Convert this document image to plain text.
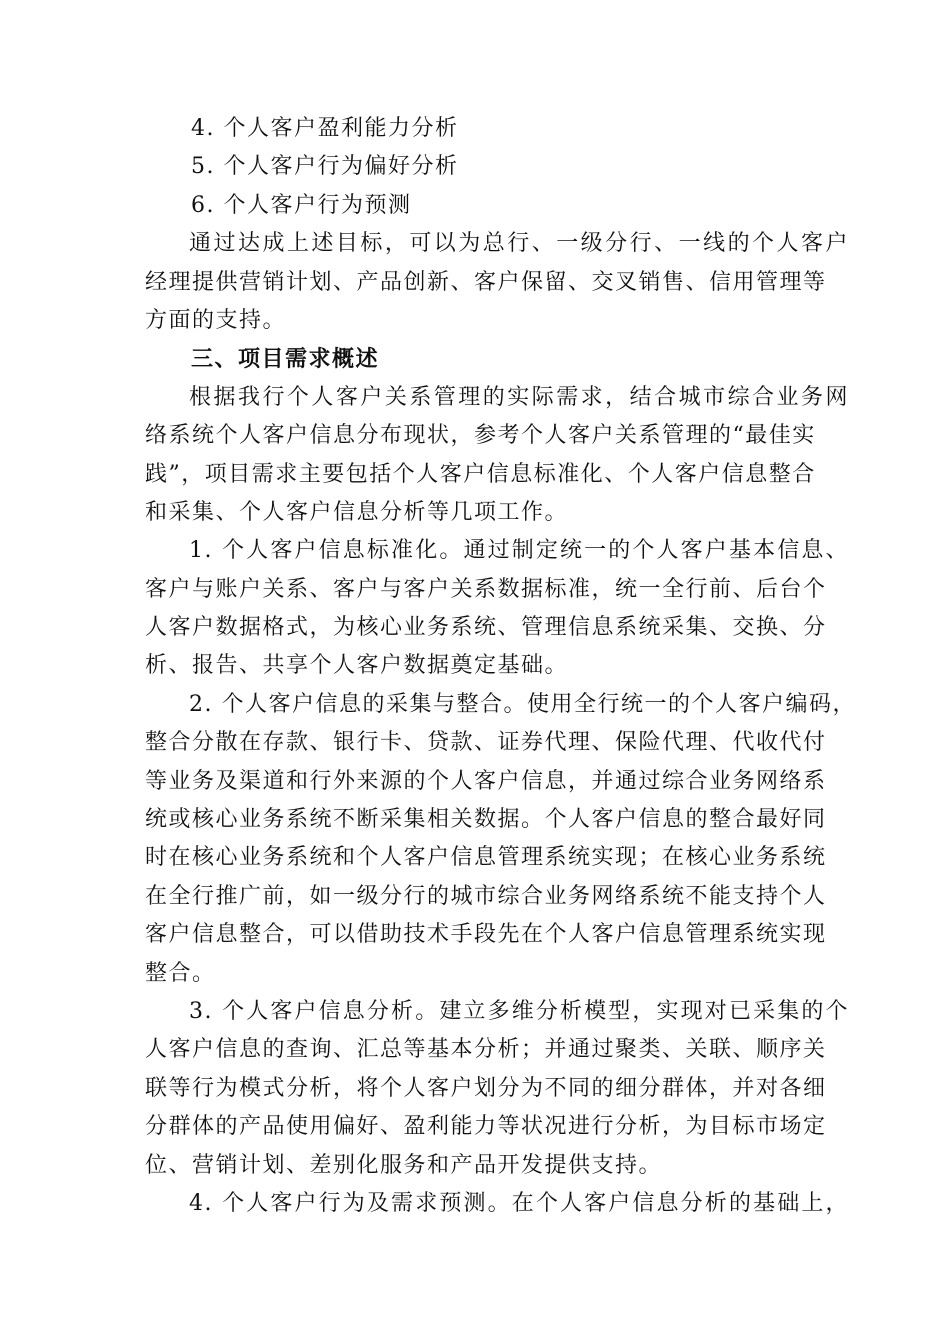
4. 个人客户盈利能力分析
5. 个人客户行为偏好分析
6. 个人客户行为预测
通过达成上述目标，可以为总行、一级分行、一线的个人客户
经理提供营销计划、产品创新、客户保留、交叉销售、信用管理等
方面的支持。
三、项目需求概述
根据我行个人客户关系管理的实际需求，结合城市综合业务网
络系统个人客户信息分布现状，参考个人客户关系管理的“最佳实
践”，项目需求主要包括个人客户信息标准化、个人客户信息整合
和采集、个人客户信息分析等几项工作。
1. 个人客户信息标准化。通过制定统一的个人客户基本信息、
客户与账户关系、客户与客户关系数据标准，统一全行前、后台个
人客户数据格式，为核心业务系统、管理信息系统采集、交换、分
析、报告、共享个人客户数据奠定基础。
2. 个人客户信息的采集与整合。使用全行统一的个人客户编码，
整合分散在存款、银行卡、贷款、证券代理、保险代理、代收代付
等业务及渠道和行外来源的个人客户信息，并通过综合业务网络系
统或核心业务系统不断采集相关数据。个人客户信息的整合最好同
时在核心业务系统和个人客户信息管理系统实现；在核心业务系统
在全行推广前，如一级分行的城市综合业务网络系统不能支持个人
客户信息整合，可以借助技术手段先在个人客户信息管理系统实现
整合。
3. 个人客户信息分析。建立多维分析模型，实现对已采集的个
人客户信息的查询、汇总等基本分析；并通过聚类、关联、顺序关
联等行为模式分析，将个人客户划分为不同的细分群体，并对各细
分群体的产品使用偏好、盈利能力等状况进行分析，为目标市场定
位、营销计划、差别化服务和产品开发提供支持。
4. 个人客户行为及需求预测。在个人客户信息分析的基础上，
